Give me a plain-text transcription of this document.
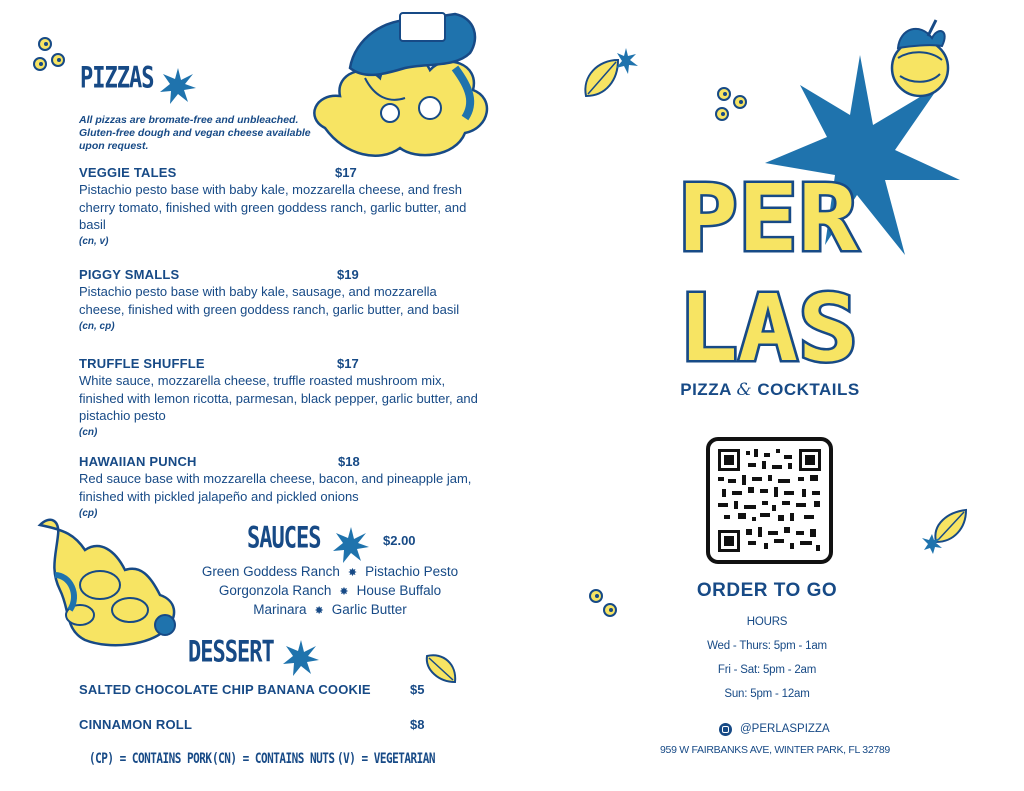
PIZZAS
All pizzas are bromate-free and unbleached. Gluten-free dough and vegan cheese available upon request.
VEGGIE TALES	$17
Pistachio pesto base with baby kale, mozzarella cheese, and fresh cherry tomato, finished with green goddess ranch, garlic butter, and basil
(cn, v)
PIGGY SMALLS	$19
Pistachio pesto base with baby kale, sausage, and mozzarella cheese, finished with green goddess ranch, garlic butter, and basil
(cn, cp)
TRUFFLE SHUFFLE	$17
White sauce, mozzarella cheese, truffle roasted mushroom mix, finished with lemon ricotta, parmesan, black pepper, garlic butter, and pistachio pesto
(cn)
HAWAIIAN PUNCH	$18
Red sauce base with mozzarella cheese, bacon, and pineapple jam, finished with pickled jalapeño and pickled onions
(cp)
SAUCES	$2.00
Green Goddess Ranch ✸ Pistachio Pesto
Gorgonzola Ranch ✸ House Buffalo
Marinara ✸ Garlic Butter
DESSERT
SALTED CHOCOLATE CHIP BANANA COOKIE	$5
CINNAMON ROLL	$8
(CP) = CONTAINS PORK (CN) = CONTAINS NUTS (V) = VEGETARIAN
PER
LAS
PIZZA & COCKTAILS
ORDER TO GO
HOURS
Wed - Thurs: 5pm - 1am
Fri - Sat: 5pm - 2am
Sun: 5pm - 12am
@PERLASPIZZA
959 W FAIRBANKS AVE, WINTER PARK, FL 32789
